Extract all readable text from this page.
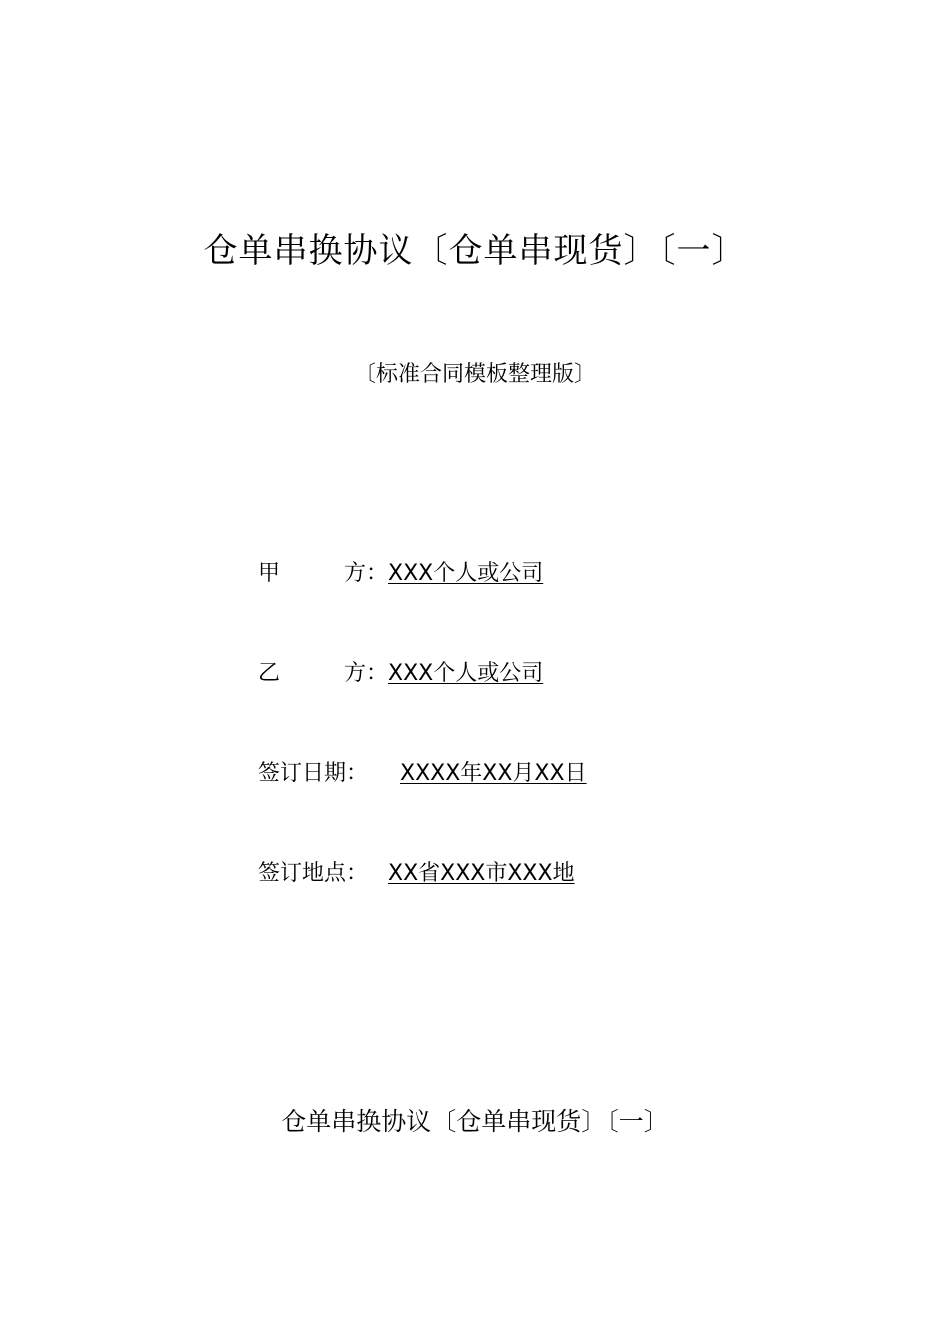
仓单串换协议〔仓单串现货〕〔一〕
〔标准合同模板整理版〕
甲	方： XXX个人或公司
乙	方： XXX个人或公司
签订日期：	XXXX年XX月XX日
签订地点： XX省XXX市XXX地
仓单串换协议〔仓单串现货〕〔一〕
